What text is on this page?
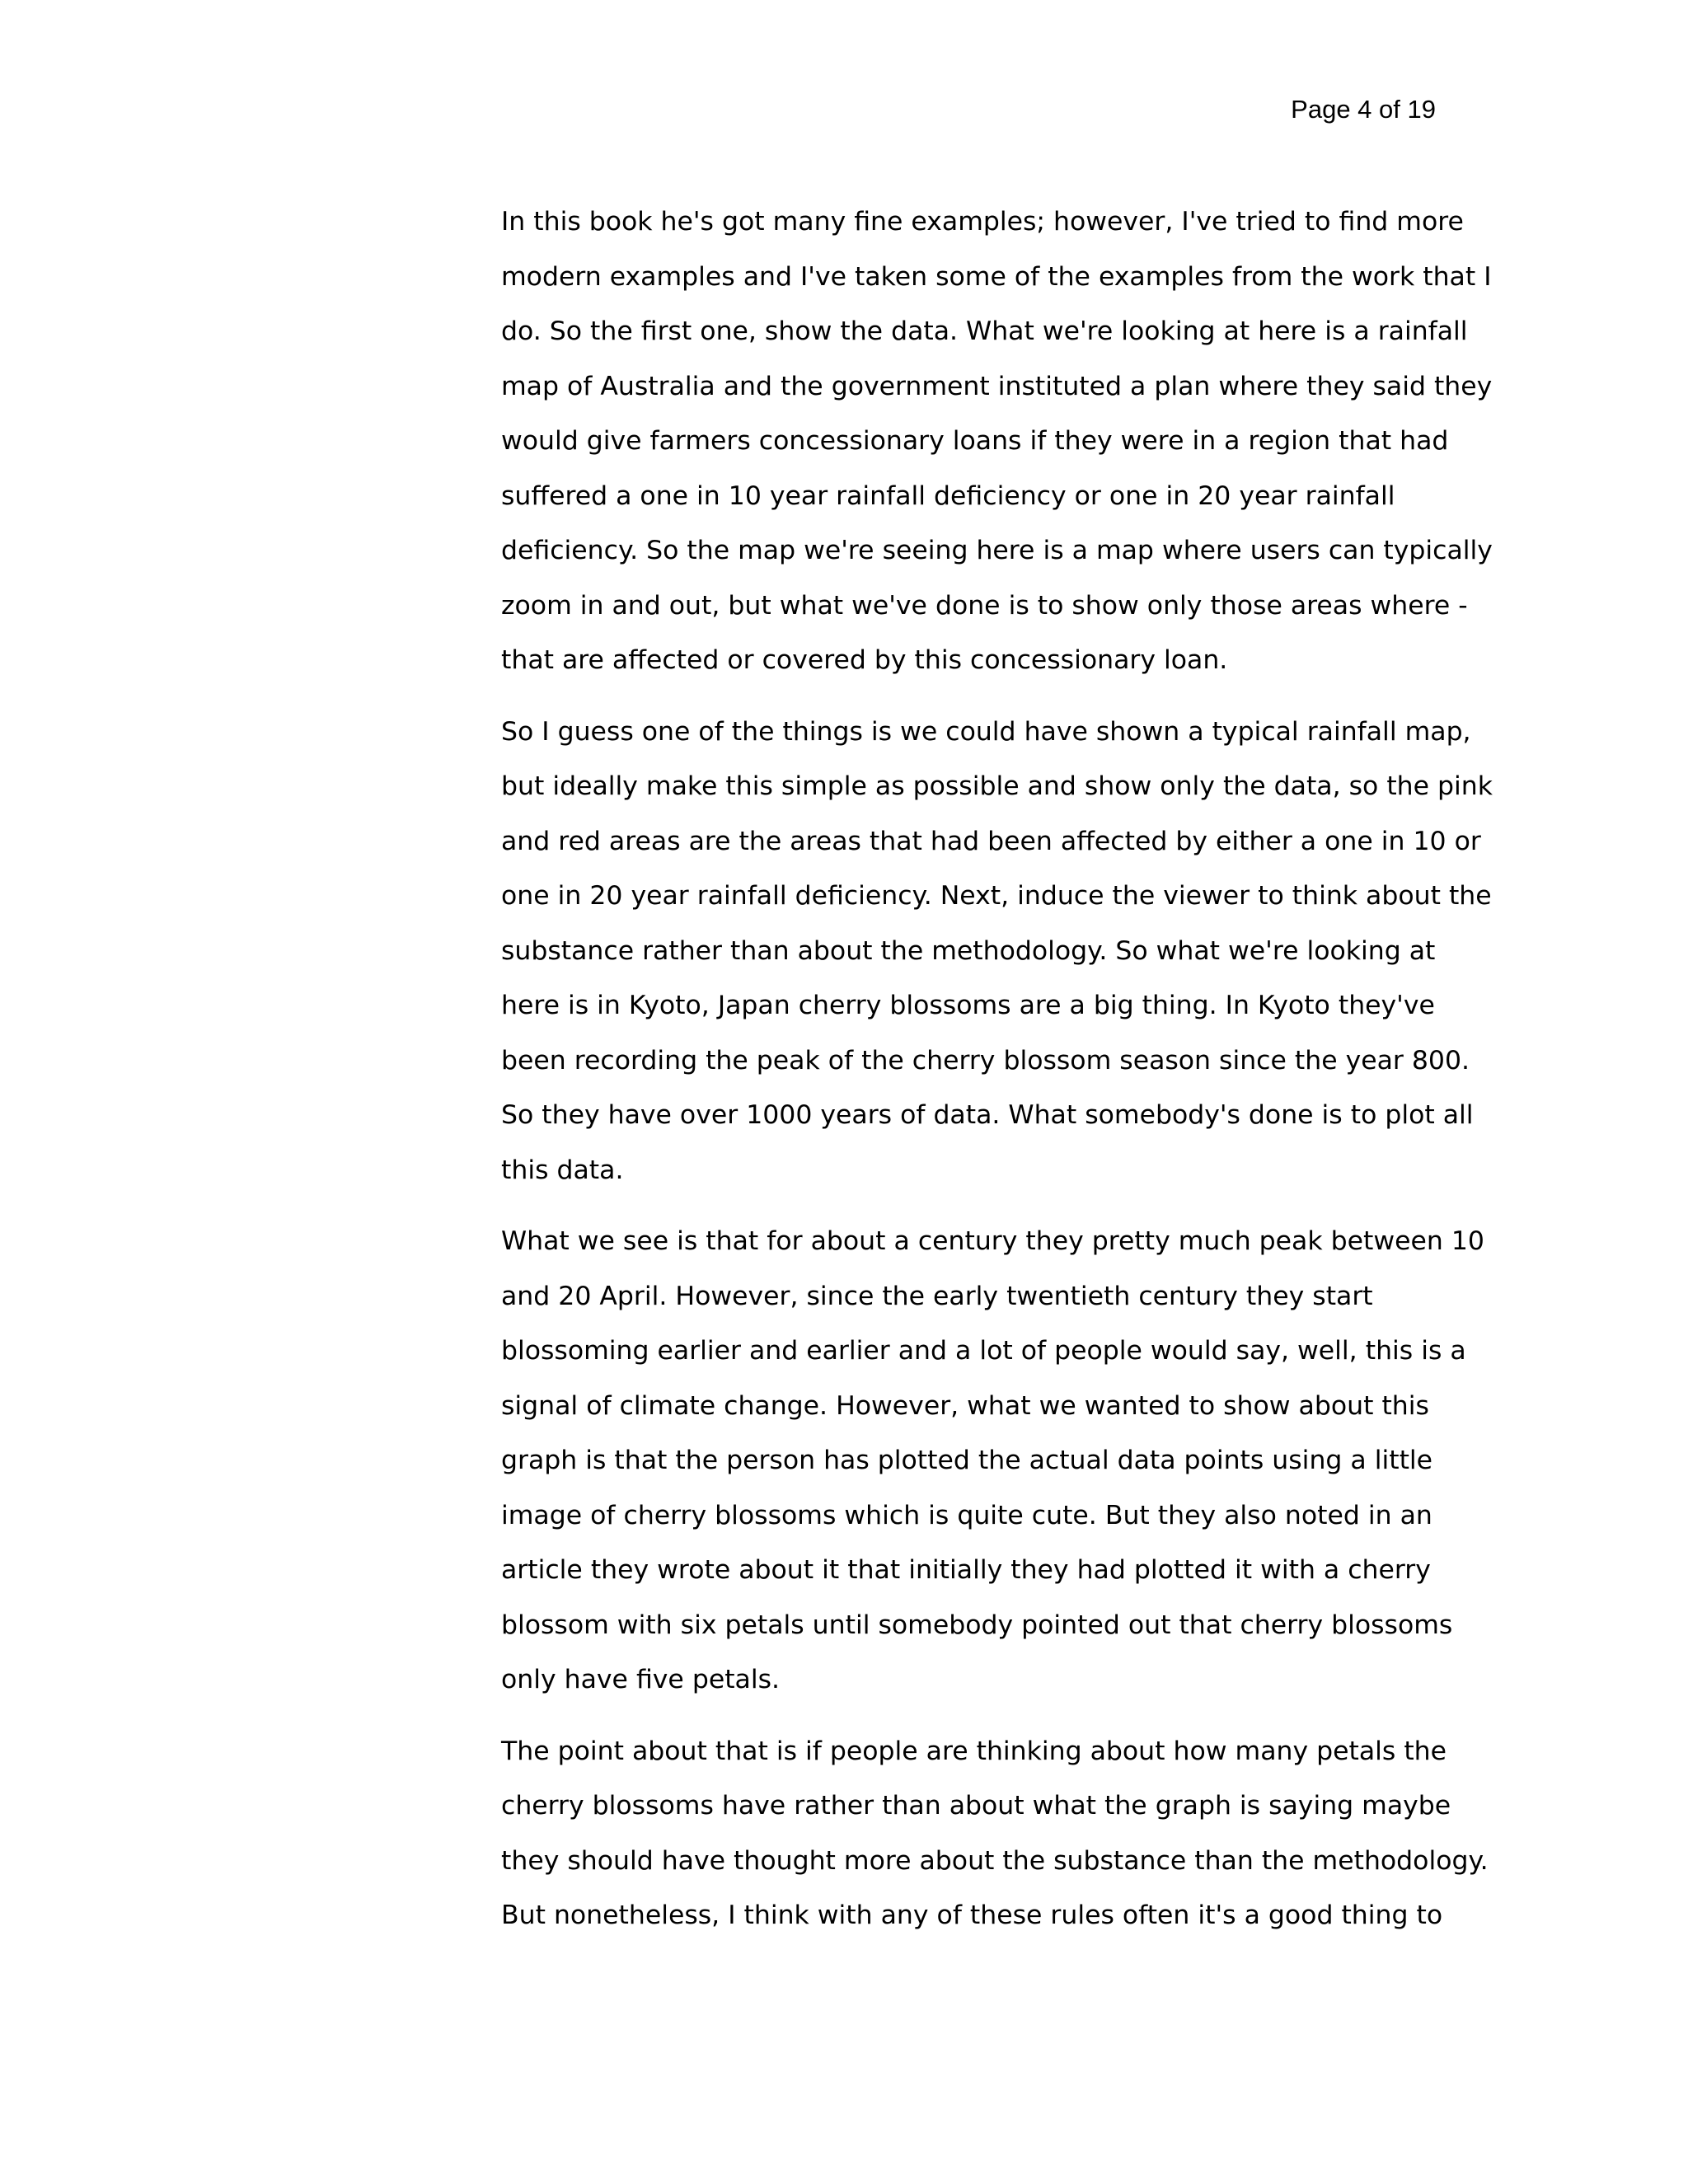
Page 4 of 19
In this book he's got many fine examples; however, I've tried to find more
modern examples and I've taken some of the examples from the work that I
do. So the first one, show the data. What we're looking at here is a rainfall
map of Australia and the government instituted a plan where they said they
would give farmers concessionary loans if they were in a region that had
suffered a one in 10 year rainfall deficiency or one in 20 year rainfall
deficiency. So the map we're seeing here is a map where users can typically
zoom in and out, but what we've done is to show only those areas where -
that are affected or covered by this concessionary loan.
So I guess one of the things is we could have shown a typical rainfall map,
but ideally make this simple as possible and show only the data, so the pink
and red areas are the areas that had been affected by either a one in 10 or
one in 20 year rainfall deficiency. Next, induce the viewer to think about the
substance rather than about the methodology. So what we're looking at
here is in Kyoto, Japan cherry blossoms are a big thing. In Kyoto they've
been recording the peak of the cherry blossom season since the year 800.
So they have over 1000 years of data. What somebody's done is to plot all
this data.
What we see is that for about a century they pretty much peak between 10
and 20 April. However, since the early twentieth century they start
blossoming earlier and earlier and a lot of people would say, well, this is a
signal of climate change. However, what we wanted to show about this
graph is that the person has plotted the actual data points using a little
image of cherry blossoms which is quite cute. But they also noted in an
article they wrote about it that initially they had plotted it with a cherry
blossom with six petals until somebody pointed out that cherry blossoms
only have five petals.
The point about that is if people are thinking about how many petals the
cherry blossoms have rather than about what the graph is saying maybe
they should have thought more about the substance than the methodology.
But nonetheless, I think with any of these rules often it's a good thing to
